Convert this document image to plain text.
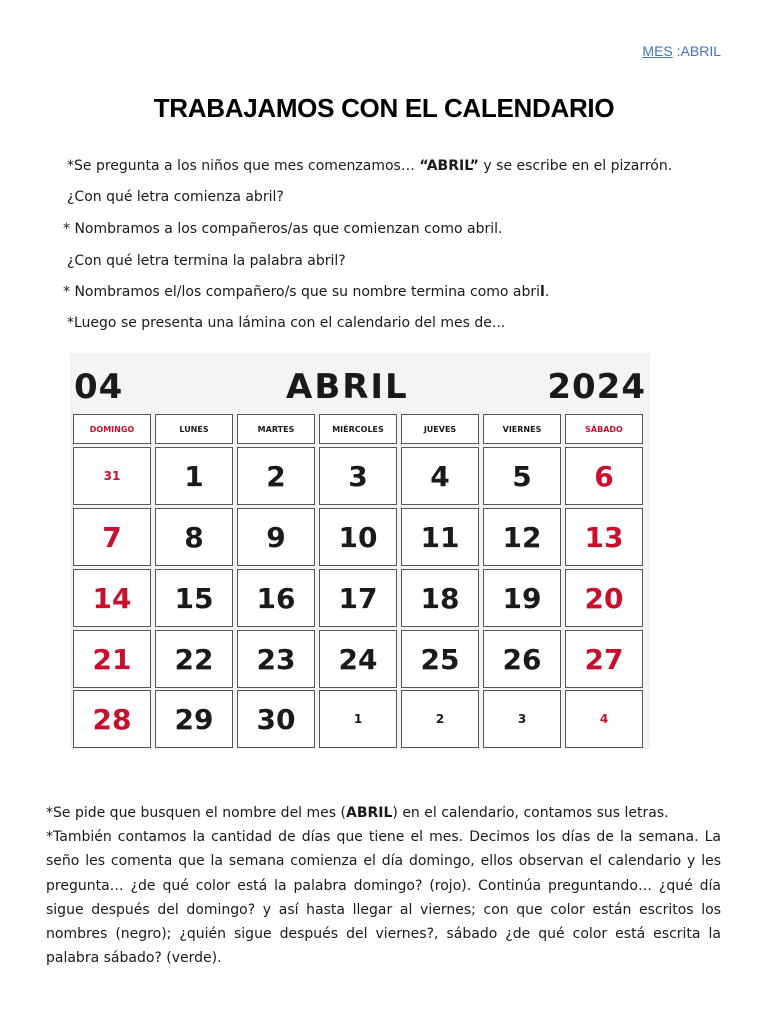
MES :ABRIL
TRABAJAMOS CON EL CALENDARIO
*Se pregunta a los niños que mes comenzamos… “ABRIL” y se escribe en el pizarrón.
¿Con qué letra comienza abril?
* Nombramos a los compañeros/as que comienzan como abril.
¿Con qué letra termina la palabra abril?
* Nombramos el/los compañero/s que su nombre termina como abril.
*Luego se presenta una lámina con el calendario del mes de...
04	ABRIL	2024
DOMINGO	LUNES	MARTES	MIÉRCOLES	JUEVES	VIERNES	SÁBADO
31	1	2	3	4	5	6
7	8	9	10	11	12	13
14	15	16	17	18	19	20
21	22	23	24	25	26	27
28	29	30	1	2	3	4

*Se pide que busquen el nombre del mes (ABRIL) en el calendario, contamos sus letras.

*También contamos la cantidad de días que tiene el mes. Decimos los días de la semana. La seño les comenta que la semana comienza el día domingo, ellos observan el calendario y les pregunta… ¿de qué color está la palabra domingo? (rojo). Continúa preguntando… ¿qué día sigue después del domingo? y así hasta llegar al viernes; con que color están escritos los nombres (negro); ¿quién sigue después del viernes?, sábado ¿de qué color está escrita la palabra sábado? (verde).
